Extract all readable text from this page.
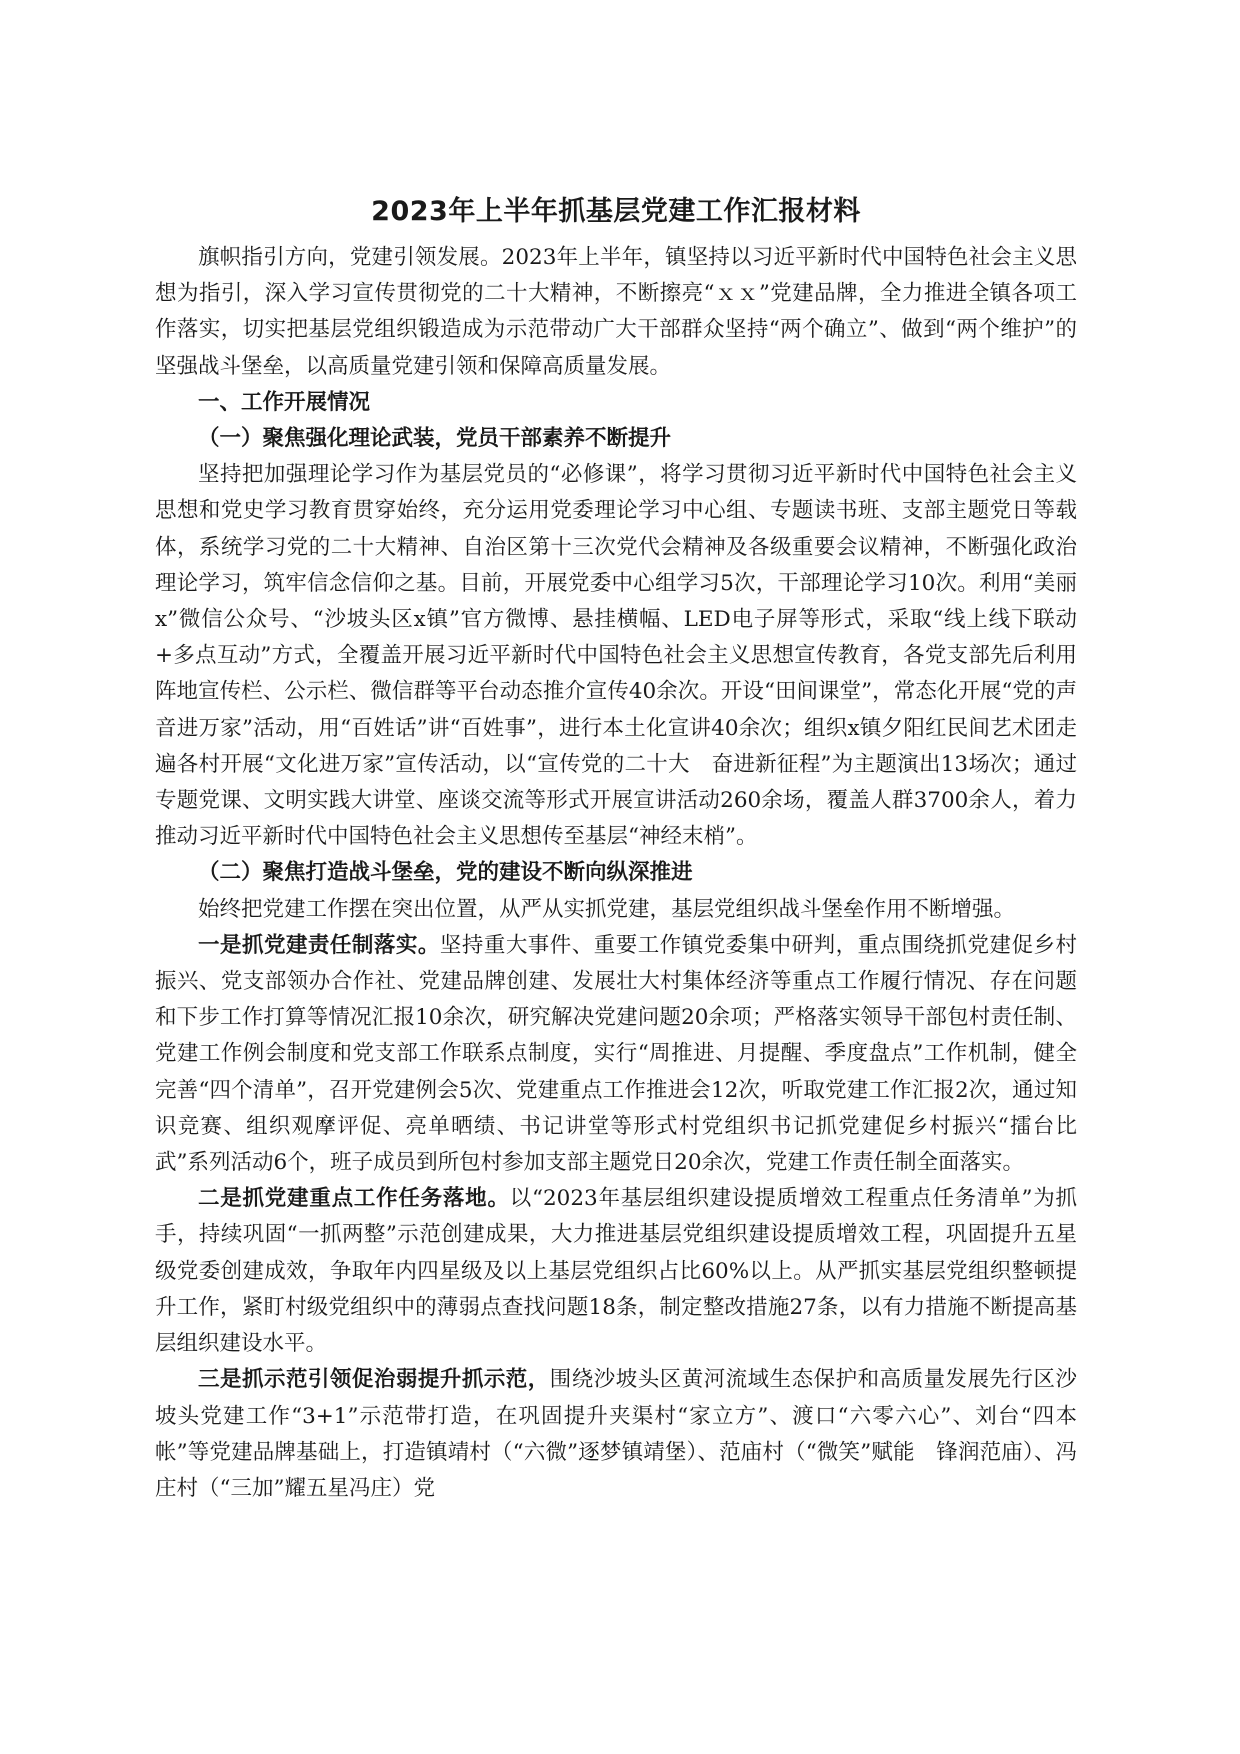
2023年上半年抓基层党建工作汇报材料

旗帜指引方向，党建引领发展。2023年上半年，镇坚持以习近平新时代中国特色社会主义思想为指引，深入学习宣传贯彻党的二十大精神，不断擦亮“ｘｘ”党建品牌，全力推进全镇各项工作落实，切实把基层党组织锻造成为示范带动广大干部群众坚持“两个确立”、做到“两个维护”的坚强战斗堡垒，以高质量党建引领和保障高质量发展。

一、工作开展情况

（一）聚焦强化理论武装，党员干部素养不断提升

坚持把加强理论学习作为基层党员的“必修课”，将学习贯彻习近平新时代中国特色社会主义思想和党史学习教育贯穿始终，充分运用党委理论学习中心组、专题读书班、支部主题党日等载体，系统学习党的二十大精神、自治区第十三次党代会精神及各级重要会议精神，不断强化政治理论学习，筑牢信念信仰之基。目前，开展党委中心组学习5次，干部理论学习10次。利用“美丽x”微信公众号、“沙坡头区x镇”官方微博、悬挂横幅、LED电子屏等形式，采取“线上线下联动+多点互动”方式，全覆盖开展习近平新时代中国特色社会主义思想宣传教育，各党支部先后利用阵地宣传栏、公示栏、微信群等平台动态推介宣传40余次。开设“田间课堂”，常态化开展“党的声音进万家”活动，用“百姓话”讲“百姓事”，进行本土化宣讲40余次；组织x镇夕阳红民间艺术团走遍各村开展“文化进万家”宣传活动，以“宣传党的二十大　奋进新征程”为主题演出13场次；通过专题党课、文明实践大讲堂、座谈交流等形式开展宣讲活动260余场，覆盖人群3700余人，着力推动习近平新时代中国特色社会主义思想传至基层“神经末梢”。

（二）聚焦打造战斗堡垒，党的建设不断向纵深推进

始终把党建工作摆在突出位置，从严从实抓党建，基层党组织战斗堡垒作用不断增强。

一是抓党建责任制落实。坚持重大事件、重要工作镇党委集中研判，重点围绕抓党建促乡村振兴、党支部领办合作社、党建品牌创建、发展壮大村集体经济等重点工作履行情况、存在问题和下步工作打算等情况汇报10余次，研究解决党建问题20余项；严格落实领导干部包村责任制、党建工作例会制度和党支部工作联系点制度，实行“周推进、月提醒、季度盘点”工作机制，健全完善“四个清单”，召开党建例会5次、党建重点工作推进会12次，听取党建工作汇报2次，通过知识竞赛、组织观摩评促、亮单晒绩、书记讲堂等形式村党组织书记抓党建促乡村振兴“擂台比武”系列活动6个，班子成员到所包村参加支部主题党日20余次，党建工作责任制全面落实。

二是抓党建重点工作任务落地。以“2023年基层组织建设提质增效工程重点任务清单”为抓手，持续巩固“一抓两整”示范创建成果，大力推进基层党组织建设提质增效工程，巩固提升五星级党委创建成效，争取年内四星级及以上基层党组织占比60%以上。从严抓实基层党组织整顿提升工作，紧盯村级党组织中的薄弱点查找问题18条，制定整改措施27条，以有力措施不断提高基层组织建设水平。

三是抓示范引领促治弱提升抓示范，围绕沙坡头区黄河流域生态保护和高质量发展先行区沙坡头党建工作“3+1”示范带打造，在巩固提升夹渠村“家立方”、渡口“六零六心”、刘台“四本帐”等党建品牌基础上，打造镇靖村（“六微”逐梦镇靖堡）、范庙村（“微笑”赋能　锋润范庙）、冯庄村（“三加”耀五星冯庄）党
